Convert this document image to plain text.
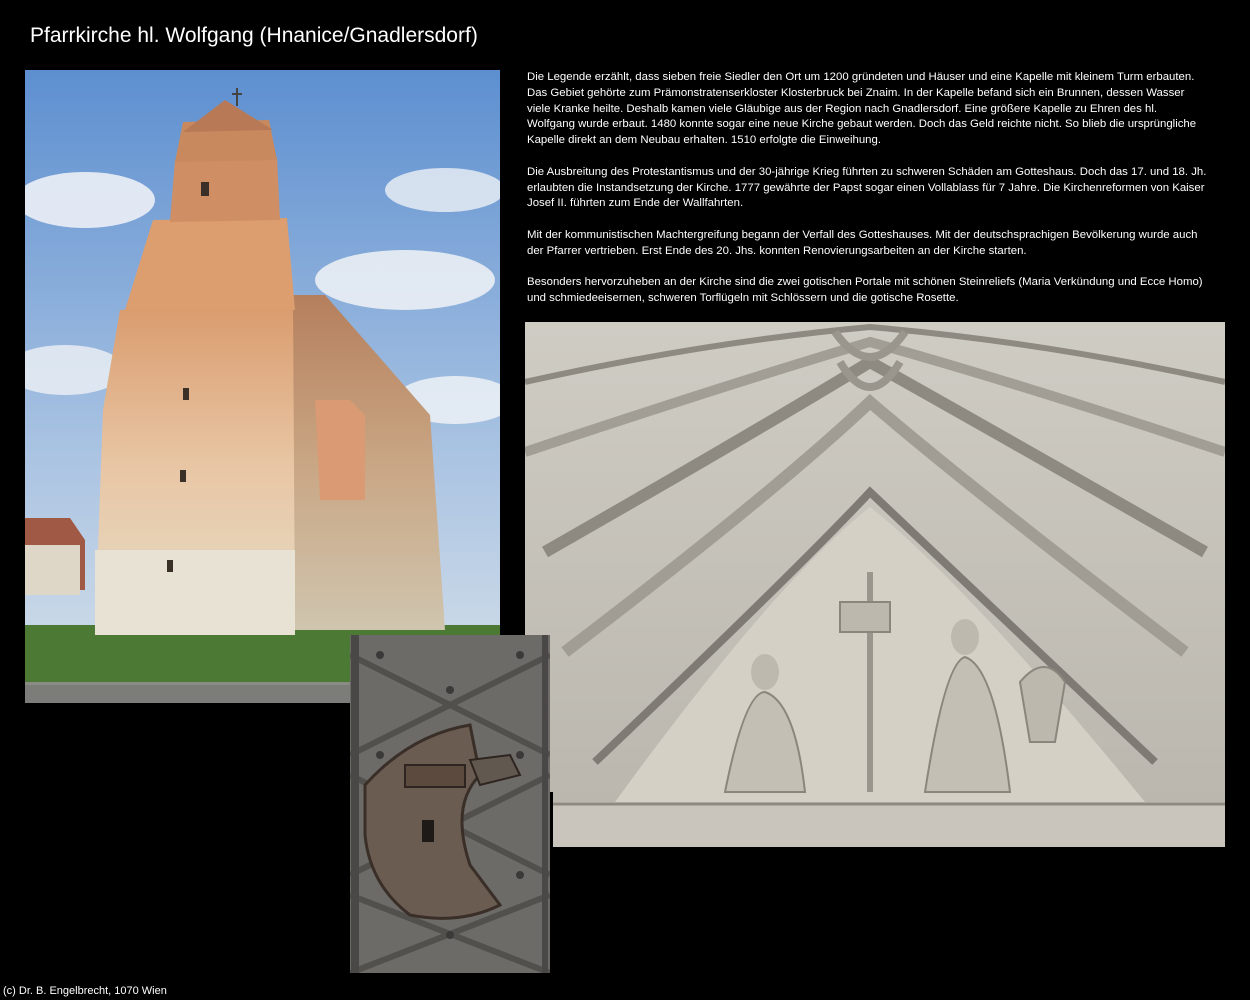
Pfarrkirche hl. Wolfgang (Hnanice/Gnadlersdorf)

Die Legende erzählt, dass sieben freie Siedler den Ort um 1200 gründeten und Häuser und eine Kapelle mit kleinem Turm erbauten. Das Gebiet gehörte zum Prämonstratenserkloster Klosterbruck bei Znaim. In der Kapelle befand sich ein Brunnen, dessen Wasser viele Kranke heilte. Deshalb kamen viele Gläubige aus der Region nach Gnadlersdorf. Eine größere Kapelle zu Ehren des hl. Wolfgang wurde erbaut. 1480 konnte sogar eine neue Kirche gebaut werden. Doch das Geld reichte nicht. So blieb die ursprüngliche Kapelle direkt an dem Neubau erhalten. 1510 erfolgte die Einweihung.

Die Ausbreitung des Protestantismus und der 30-jährige Krieg führten zu schweren Schäden am Gotteshaus. Doch das 17. und 18. Jh. erlaubten die Instandsetzung der Kirche. 1777 gewährte der Papst sogar einen Vollablass für 7 Jahre. Die Kirchenreformen von Kaiser Josef II. führten zum Ende der Wallfahrten.

Mit der kommunistischen Machtergreifung begann der Verfall des Gotteshauses. Mit der deutschsprachigen Bevölkerung wurde auch der Pfarrer vertrieben. Erst Ende des 20. Jhs. konnten Renovierungsarbeiten an der Kirche starten.

Besonders hervorzuheben an der Kirche sind die zwei gotischen Portale mit schönen Steinreliefs (Maria Verkündung und Ecce Homo) und schmiedeeisernen, schweren Torflügeln mit Schlössern und die gotische Rosette.

(c) Dr. B. Engelbrecht, 1070 Wien
